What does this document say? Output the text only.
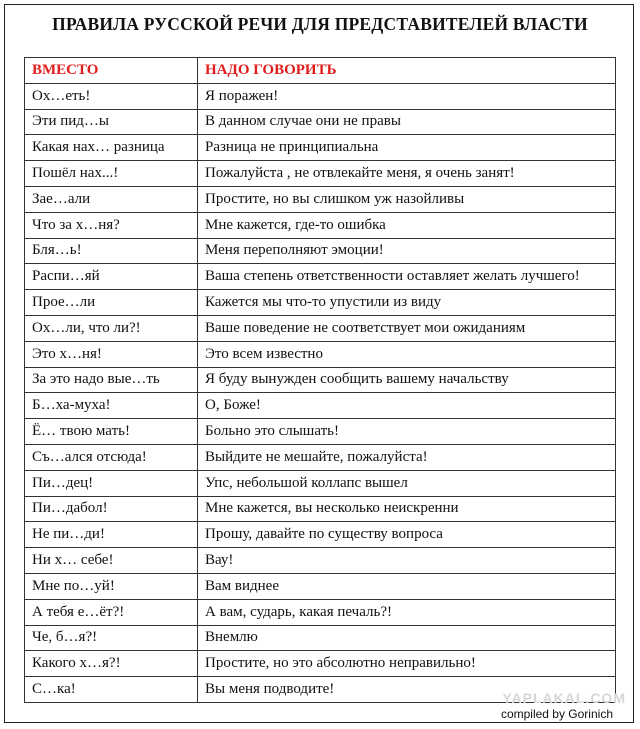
ПРАВИЛА РУССКОЙ РЕЧИ ДЛЯ ПРЕДСТАВИТЕЛЕЙ ВЛАСТИ
ВМЕСТО	НАДО ГОВОРИТЬ
Ох…еть!	Я поражен!
Эти пид…ы	В данном случае они не правы
Какая нах… разница	Разница не принципиальна
Пошёл нах...!	Пожалуйста , не отвлекайте меня, я очень занят!
Зае…али	Простите, но вы слишком уж назойливы
Что за х…ня?	Мне кажется, где-то ошибка
Бля…ь!	Меня переполняют эмоции!
Распи…яй	Ваша степень ответственности оставляет желать лучшего!
Прое…ли	Кажется мы что-то упустили из виду
Ох…ли, что ли?!	Ваше поведение не соответствует мои ожиданиям
Это х…ня!	Это всем известно
За это надо вые…ть	Я буду вынужден сообщить вашему начальству
Б…ха-муха!	О, Боже!
Ё… твою мать!	Больно это слышать!
Съ…ался отсюда!	Выйдите не мешайте, пожалуйста!
Пи…дец!	Упс, небольшой коллапс вышел
Пи…дабол!	Мне кажется, вы несколько неискренни
Не пи…ди!	Прошу, давайте по существу вопроса
Ни х… себе!	Вау!
Мне по…уй!	Вам виднее
А тебя е…ёт?!	А вам, сударь, какая печаль?!
Че, б…я?!	Внемлю
Какого х…я?!	Простите, но это абсолютно неправильно!
С…ка!	Вы меня подводите!
YAPLAKAL.COM
compiled by Gorinich
